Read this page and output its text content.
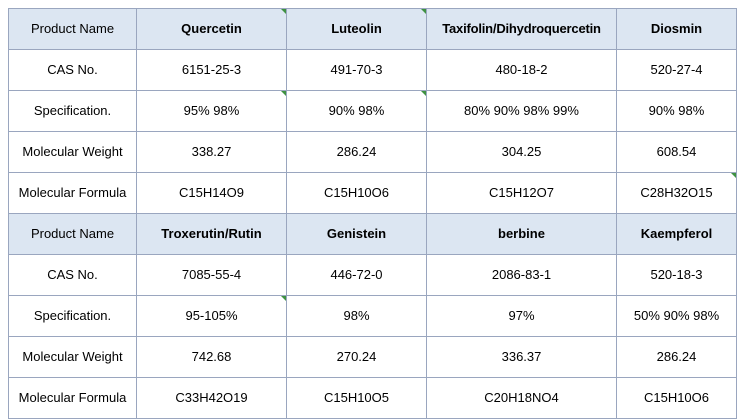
Product Name	Quercetin	Luteolin	Taxifolin/Dihydroquercetin	Diosmin
CAS No.	6151-25-3	491-70-3	480-18-2	520-27-4
Specification.	95% 98%	90% 98%	80% 90% 98% 99%	90% 98%
Molecular Weight	338.27	286.24	304.25	608.54
Molecular Formula	C15H14O9	C15H10O6	C15H12O7	C28H32O15

Product Name	Troxerutin/Rutin	Genistein	berbine	Kaempferol
CAS No.	7085-55-4	446-72-0	2086-83-1	520-18-3
Specification.	95-105%	98%	97%	50% 90% 98%
Molecular Weight	742.68	270.24	336.37	286.24
Molecular Formula	C33H42O19	C15H10O5	C20H18NO4	C15H10O6
